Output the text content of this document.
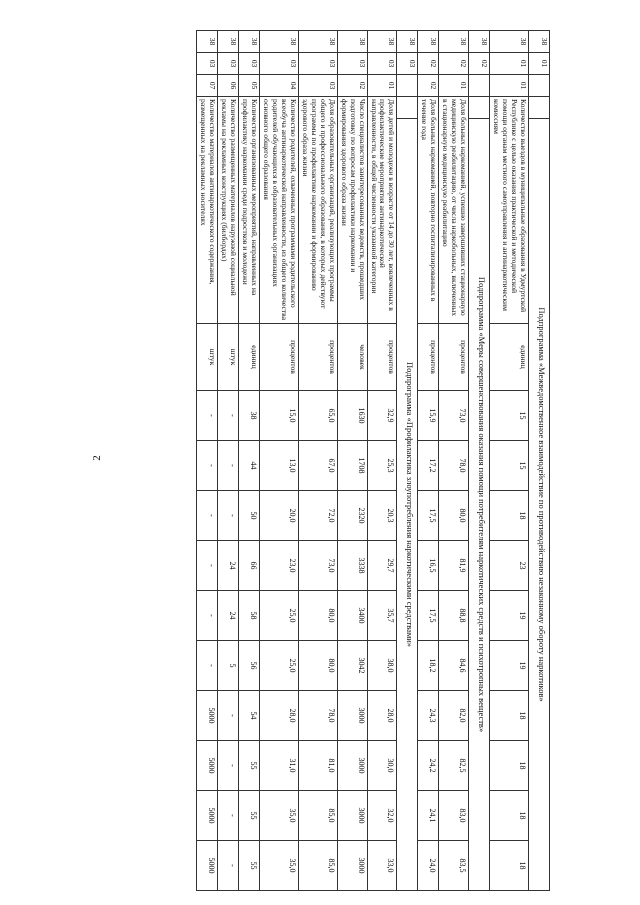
2
38	01			Подпрограмма «Межведомственное взаимодействие по противодействию незаконному обороту наркотиков»											
38	01	01	Количество выездов в муниципальные образования в Удмуртской Республике с целью оказания практической и методической помощи органам местного самоуправления и антинаркотическим комиссиям		единиц	15	15	18	23	19	19	18	18	18	18
38	02			Подпрограмма «Меры совершенствования оказания помощи потребителям наркотических средств и психотропных веществ»											
38	02	01	Доля больных наркоманией, успешно завершивших стационарную медицинскую реабилитацию, от числа наркобольных, включенных в стационарную медицинскую реабилитацию		процентов	73,0	78,0	80,0	81,9	88,8	84,6	82,0	82,5	83,0	83,5
38	02	02	Доля больных наркоманией, повторно госпитализированных в течение года		процентов	15,9	17,2	17,5	16,5	17,5	18,2	24,3	24,2	24,1	24,0
38	03			Подпрограмма «Профилактика злоупотребления наркотическими средствами»											
38	03	01	Доля детей и молодежи в возрасте от 14 до 30 лет, вовлеченных в профилактические мероприятия антинаркотической направленности, в общей численности указанной категории		процентов	32,9	25,3	20,3	29,7	35,7	38,0	28,0	30,0	32,0	33,0
38	03	02	Число специалистов заинтересованных ведомств, прошедших подготовку по вопросам профилактики наркомании и формирования здорового образа жизни		человек	1630	1708	2320	3338	3400	3042	3000	3000	3000	3000
38	03	03	Доля образовательных организаций, реализующих программы общего и профессионального образования, в которых действуют программы по профилактике наркомании и формированию здорового образа жизни		процентов	65,0	67,0	72,0	73,0	80,0	80,0	78,0	81,0	85,0	85,0
38	03	04	Количество родителей, охваченных программами родительского всеобуча антинаркотической направленности, из общего количества родителей обучающихся в образовательных организациях основного общего образования		процентов	15,0	13,0	20,0	23,0	25,0	25,0	28,0	31,0	35,0	35,0
38	03	05	Количество организованных мероприятий, направленных на профилактику наркомании среди подростков и молодежи		единиц	38	44	50	66	58	56	54	55	55	55
38	03	06	Количество размещенных материалов наружной социальной рекламы на рекламных конструкциях (билбордах)		штук	-	-	-	24	24	5	-	-	-	-
38	03	07	Количество материалов антинаркотического содержания, размещенных на рекламных носителях		штук	-	-	-	-	-	-	5000	5000	5000	5000
